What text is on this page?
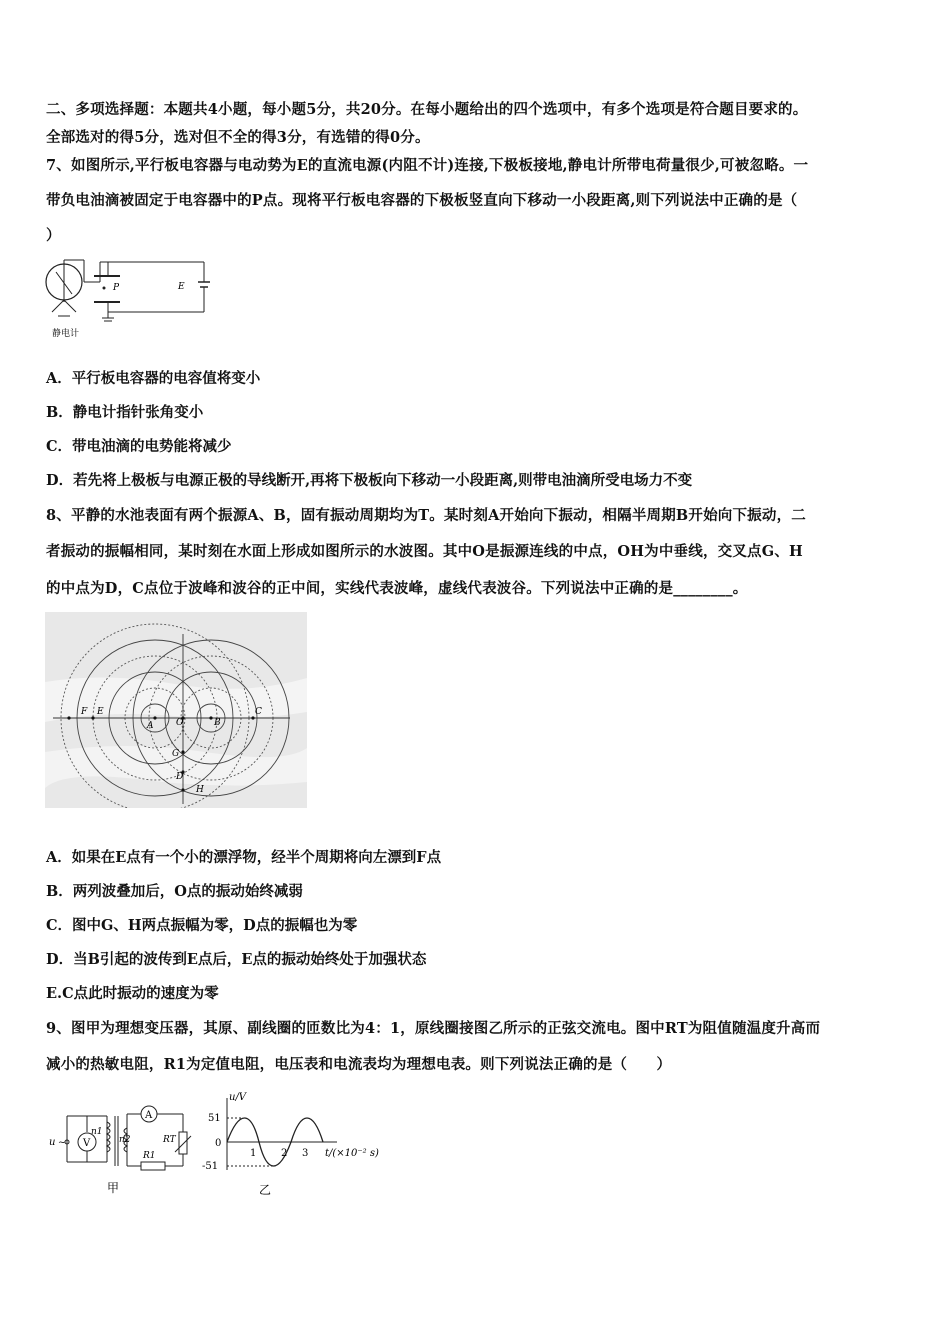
二、多项选择题：本题共4小题，每小题5分，共20分。在每小题给出的四个选项中，有多个选项是符合题目要求的。
全部选对的得5分，选对但不全的得3分，有选错的得0分。
7、如图所示,平行板电容器与电动势为E的直流电源(内阻不计)连接,下极板接地,静电计所带电荷量很少,可被忽略。一
带负电油滴被固定于电容器中的P点。现将平行板电容器的下极板竖直向下移动一小段距离,则下列说法中正确的是（
）
P	E
静电计
A．平行板电容器的电容值将变小
B．静电计指针张角变小
C．带电油滴的电势能将减少
D．若先将上极板与电源正极的导线断开,再将下极板向下移动一小段距离,则带电油滴所受电场力不变
8、平静的水池表面有两个振源A、B，固有振动周期均为T。某时刻A开始向下振动，相隔半周期B开始向下振动，二
者振动的振幅相同，某时刻在水面上形成如图所示的水波图。其中O是振源连线的中点，OH为中垂线，交叉点G、H
的中点为D，C点位于波峰和波谷的正中间，实线代表波峰，虚线代表波谷。下列说法中正确的是________。
F E
A	O	B
C
G
D
H
A．如果在E点有一个小的漂浮物，经半个周期将向左漂到F点
B．两列波叠加后，O点的振动始终减弱
C．图中G、H两点振幅为零，D点的振幅也为零
D．当B引起的波传到E点后，E点的振动始终处于加强状态
E.C点此时振动的速度为零
9、图甲为理想变压器，其原、副线圈的匝数比为4：1，原线圈接图乙所示的正弦交流电。图中RT为阻值随温度升高而
减小的热敏电阻，R1为定值电阻，电压表和电流表均为理想电表。则下列说法正确的是（　　）
u ~ V
A
n1
n2
R1
RT
甲
u/V
51
0
-51
1 2 3 t/(×10⁻² s)
乙
